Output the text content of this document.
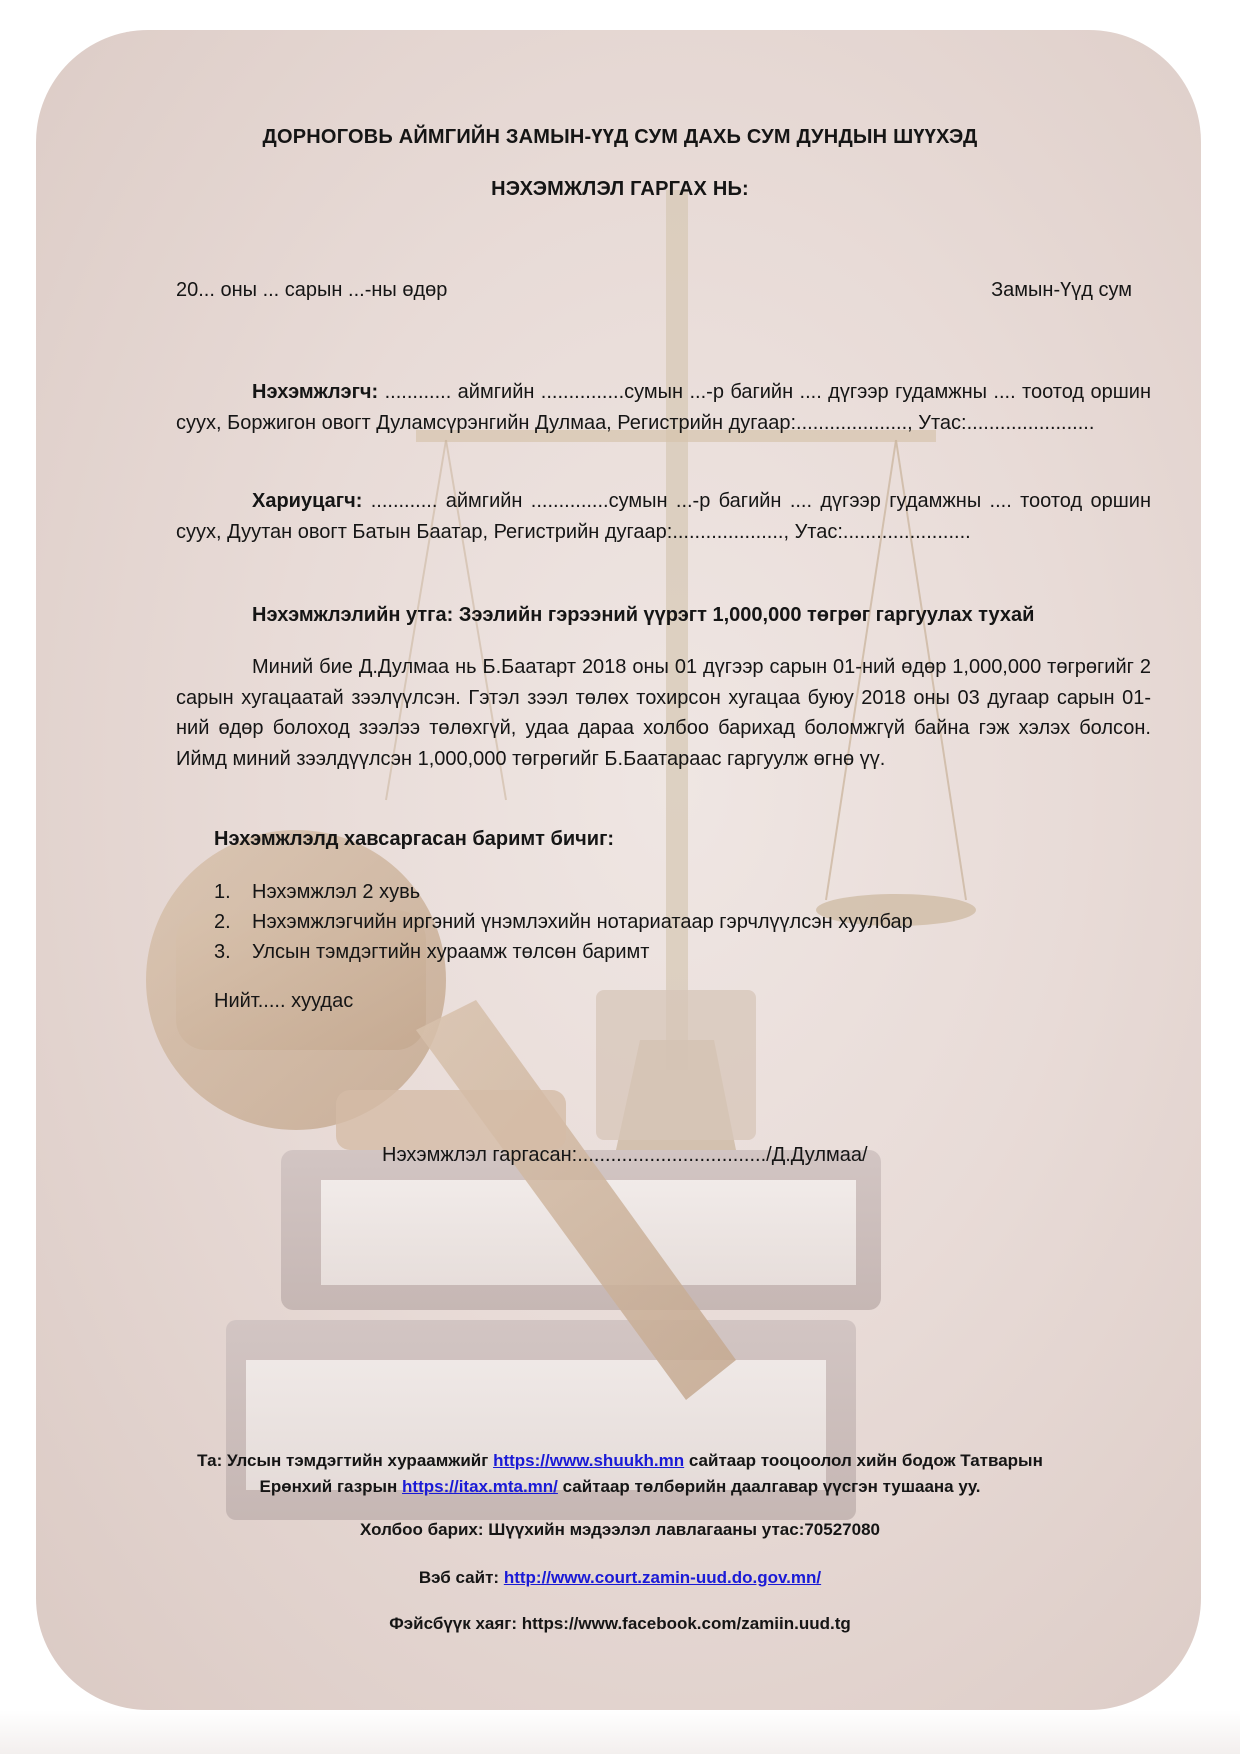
ДОРНОГОВЬ АЙМГИЙН ЗАМЫН-ҮҮД СУМ ДАХЬ СУМ ДУНДЫН ШҮҮХЭД

НЭХЭМЖЛЭЛ ГАРГАХ НЬ:

20... оны ... сарын ...-ны өдөр	Замын-Үүд сум

Нэхэмжлэгч: ............ аймгийн ...............сумын ...-р багийн .... дүгээр гудамжны .... тоотод оршин суух, Боржигон овогт Дуламсүрэнгийн Дулмаа, Регистрийн дугаар:...................., Утас:.......................

Хариуцагч: ............ аймгийн ..............сумын ...-р багийн .... дүгээр гудамжны .... тоотод оршин суух, Дуутан овогт Батын Баатар, Регистрийн дугаар:...................., Утас:.......................

Нэхэмжлэлийн утга: Зээлийн гэрээний үүрэгт 1,000,000 төгрөг гаргуулах тухай

Миний бие Д.Дулмаа нь Б.Баатарт 2018 оны 01 дүгээр сарын 01-ний өдөр 1,000,000 төгрөгийг 2 сарын хугацаатай зээлүүлсэн. Гэтэл зээл төлөх тохирсон хугацаа буюу 2018 оны 03 дугаар сарын 01-ний өдөр болоход зээлээ төлөхгүй, удаа дараа холбоо барихад боломжгүй байна гэж хэлэх болсон. Иймд миний зээлдүүлсэн 1,000,000 төгрөгийг Б.Баатараас гаргуулж өгнө үү.

Нэхэмжлэлд хавсаргасан баримт бичиг:
1. Нэхэмжлэл 2 хувь
2. Нэхэмжлэгчийн иргэний үнэмлэхийн нотариатаар гэрчлүүлсэн хуулбар
3. Улсын тэмдэгтийн хураамж төлсөн баримт
Нийт..... хуудас
Нэхэмжлэл гаргасан:................................../Д.Дулмаа/
Та: Улсын тэмдэгтийн хураамжийг https://www.shuukh.mn сайтаар тооцоолол хийн бодож Татварын
Ерөнхий газрын https://itax.mta.mn/ сайтаар төлбөрийн даалгавар үүсгэн тушаана уу.
Холбоо барих: Шүүхийн мэдээлэл лавлагааны утас:70527080
Вэб сайт: http://www.court.zamin-uud.do.gov.mn/
Фэйсбүүк хаяг: https://www.facebook.com/zamiin.uud.tg
